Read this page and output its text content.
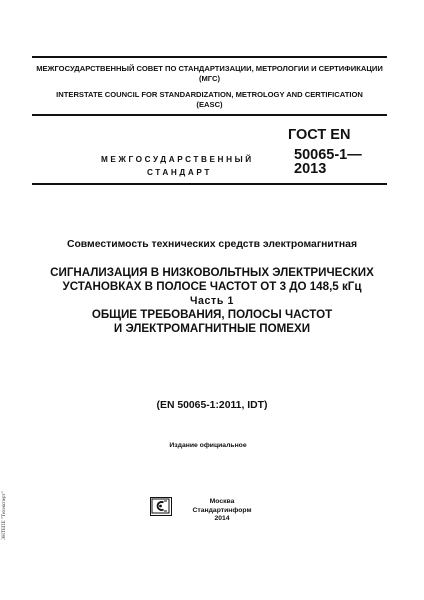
МЕЖГОСУДАРСТВЕННЫЙ СОВЕТ ПО СТАНДАРТИЗАЦИИ, МЕТРОЛОГИИ И СЕРТИФИКАЦИИ
(МГС)
INTERSTATE COUNCIL FOR STANDARDIZATION, METROLOGY AND CERTIFICATION
(EASC)
МЕЖГОСУДАРСТВЕННЫЙ
СТАНДАРТ
ГОСТ EN
50065-1—
2013
Совместимость технических средств электромагнитная
СИГНАЛИЗАЦИЯ В НИЗКОВОЛЬТНЫХ ЭЛЕКТРИЧЕСКИХ
УСТАНОВКАХ В ПОЛОСЕ ЧАСТОТ ОТ 3 ДО 148,5 кГц
Часть 1
ОБЩИЕ ТРЕБОВАНИЯ, ПОЛОСЫ ЧАСТОТ
И ЭЛЕКТРОМАГНИТНЫЕ ПОМЕХИ
(EN 50065-1:2011, IDT)
Издание официальное
Москва
Стандартинформ
2014
ЭНТЕПЕ "Техэксперт"
